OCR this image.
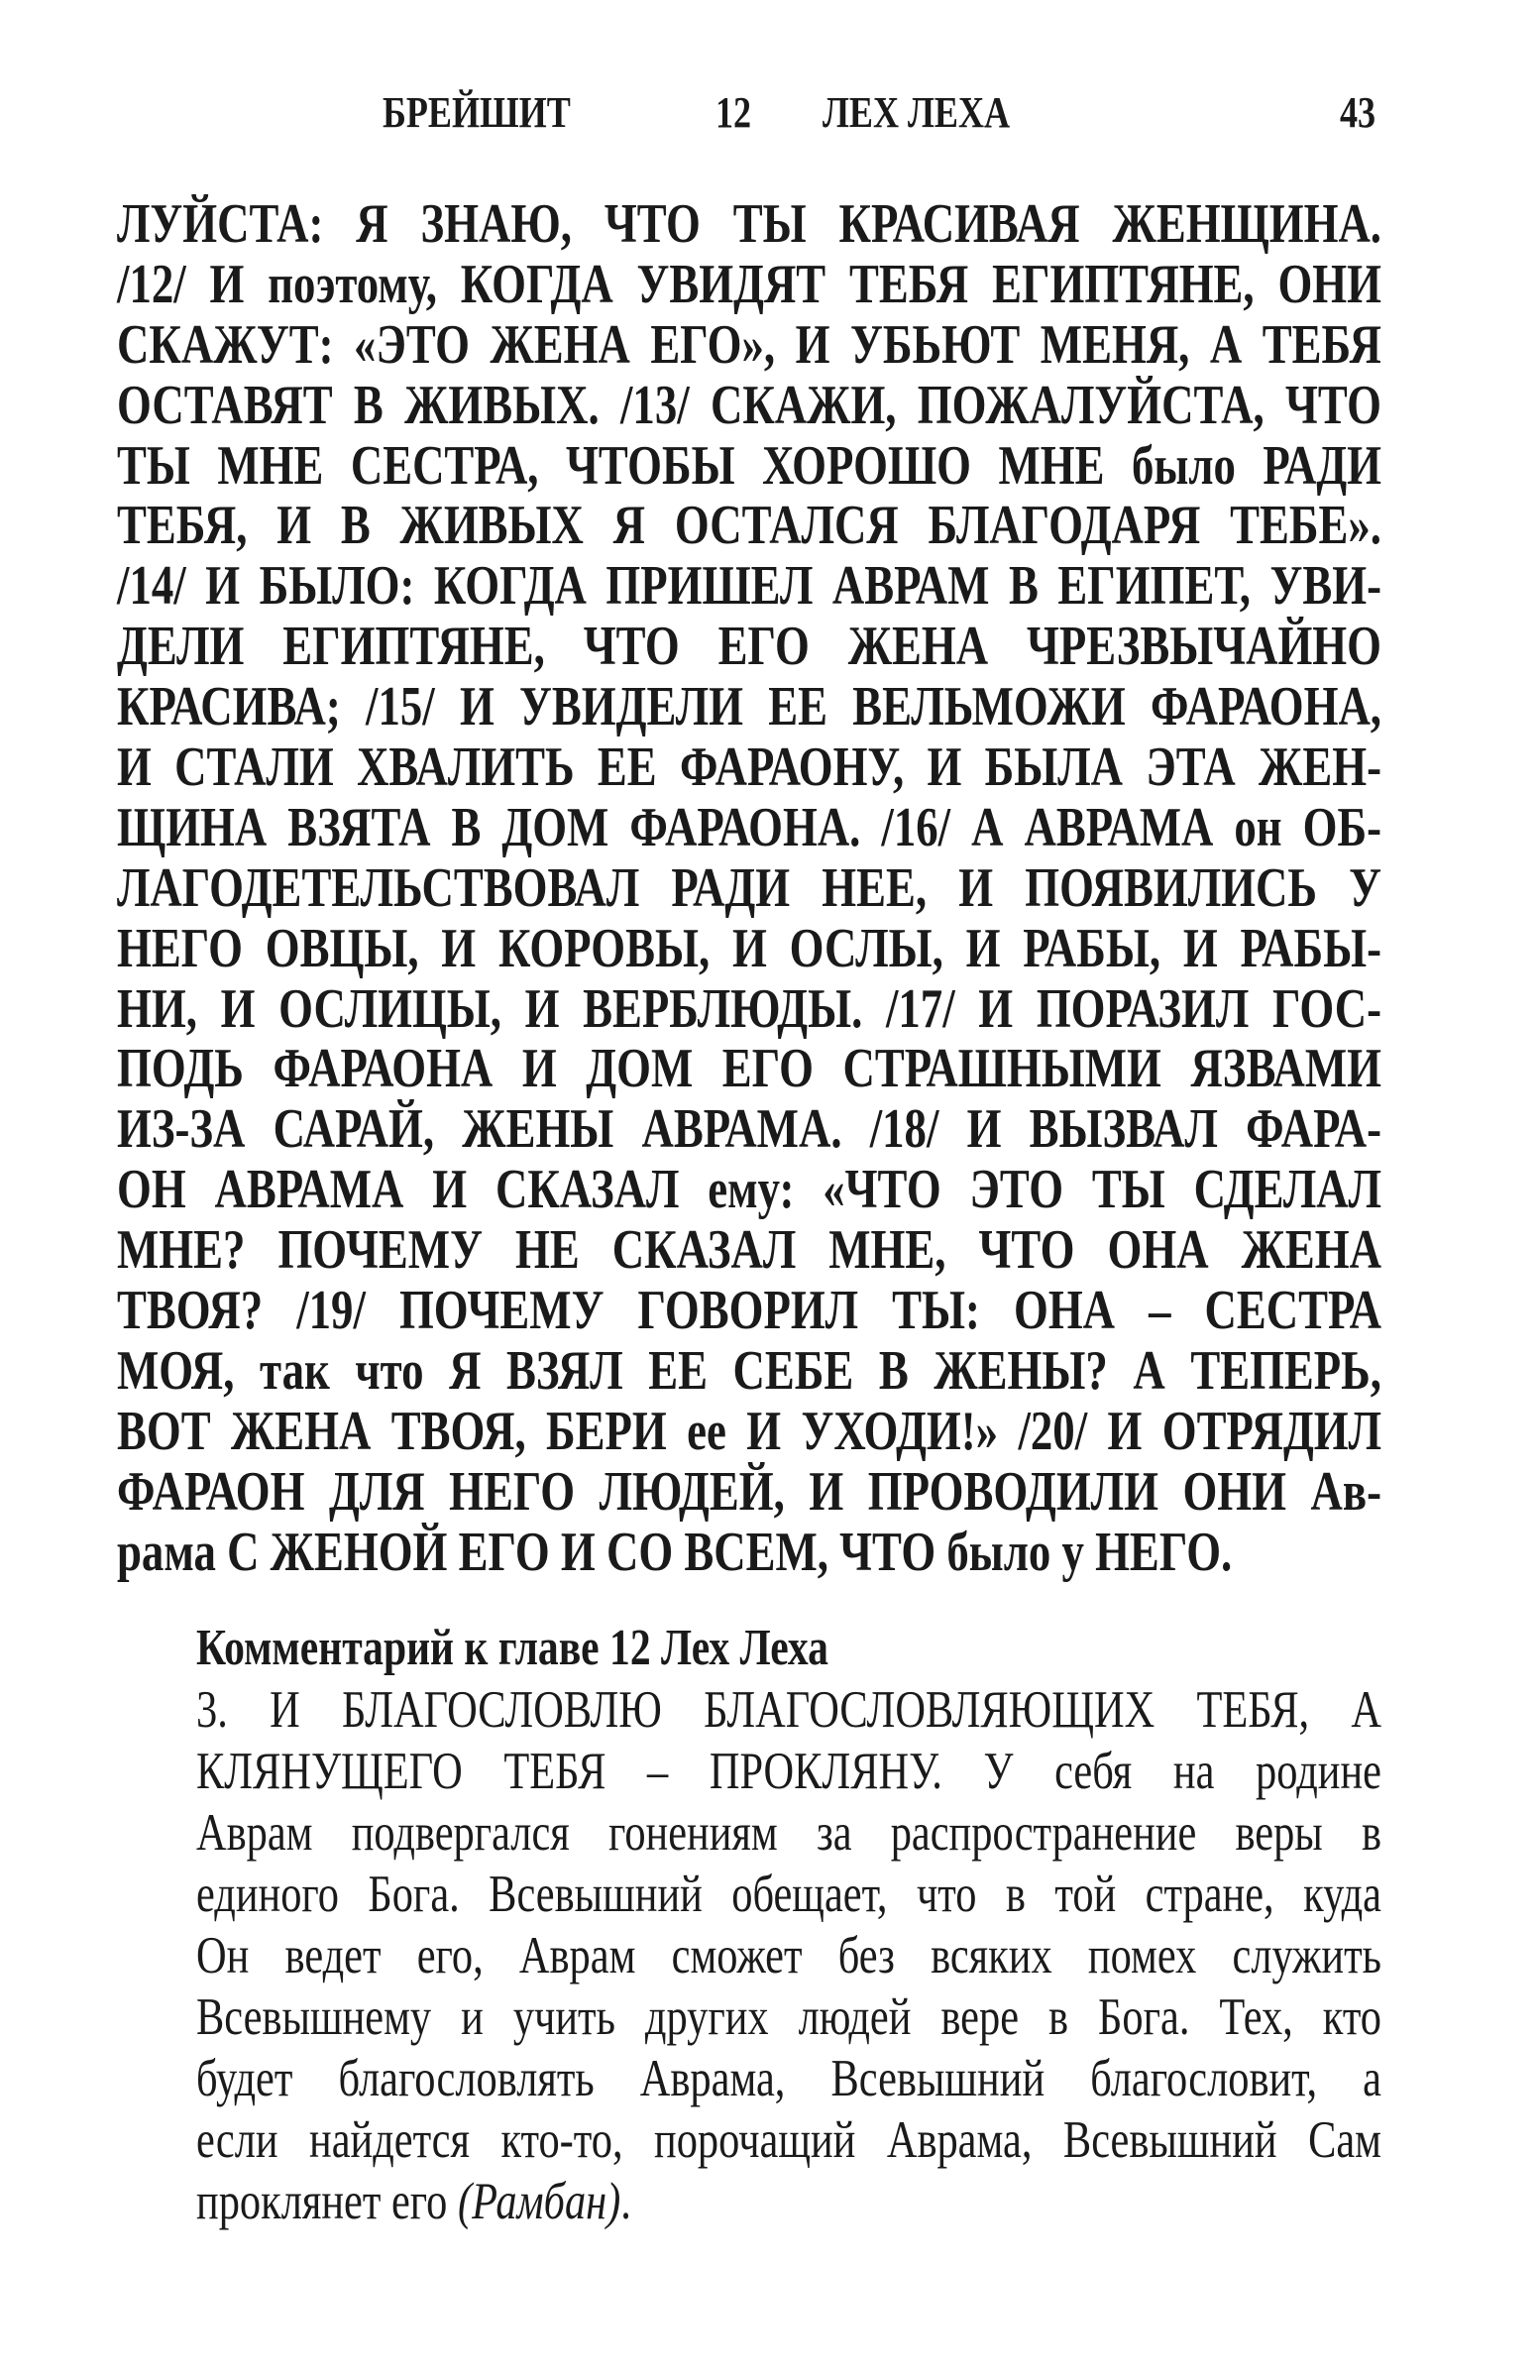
БРЕЙШИТ	12 ЛЕХ ЛЕХА	43
ЛУЙСТА: Я ЗНАЮ, ЧТО ТЫ КРАСИВАЯ ЖЕНЩИНА.
/12/ И поэтому, КОГДА УВИДЯТ ТЕБЯ ЕГИПТЯНЕ, ОНИ
СКАЖУТ: «ЭТО ЖЕНА ЕГО», И УБЬЮТ МЕНЯ, А ТЕБЯ
ОСТАВЯТ В ЖИВЫХ. /13/ СКАЖИ, ПОЖАЛУЙСТА, ЧТО
ТЫ МНЕ СЕСТРА, ЧТОБЫ ХОРОШО МНЕ было РАДИ
ТЕБЯ, И В ЖИВЫХ Я ОСТАЛСЯ БЛАГОДАРЯ ТЕБЕ».
/14/ И БЫЛО: КОГДА ПРИШЕЛ АВРАМ В ЕГИПЕТ, УВИ-
ДЕЛИ ЕГИПТЯНЕ, ЧТО ЕГО ЖЕНА ЧРЕЗВЫЧАЙНО
КРАСИВА; /15/ И УВИДЕЛИ ЕЕ ВЕЛЬМОЖИ ФАРАОНА,
И СТАЛИ ХВАЛИТЬ ЕЕ ФАРАОНУ, И БЫЛА ЭТА ЖЕН-
ЩИНА ВЗЯТА В ДОМ ФАРАОНА. /16/ А АВРАМА он ОБ-
ЛАГОДЕТЕЛЬСТВОВАЛ РАДИ НЕЕ, И ПОЯВИЛИСЬ У
НЕГО ОВЦЫ, И КОРОВЫ, И ОСЛЫ, И РАБЫ, И РАБЫ-
НИ, И ОСЛИЦЫ, И ВЕРБЛЮДЫ. /17/ И ПОРАЗИЛ ГОС-
ПОДЬ ФАРАОНА И ДОМ ЕГО СТРАШНЫМИ ЯЗВАМИ
ИЗ-ЗА САРАЙ, ЖЕНЫ АВРАМА. /18/ И ВЫЗВАЛ ФАРА-
ОН АВРАМА И СКАЗАЛ ему: «ЧТО ЭТО ТЫ СДЕЛАЛ
МНЕ? ПОЧЕМУ НЕ СКАЗАЛ МНЕ, ЧТО ОНА ЖЕНА
ТВОЯ? /19/ ПОЧЕМУ ГОВОРИЛ ТЫ: ОНА – СЕСТРА
МОЯ, так что Я ВЗЯЛ ЕЕ СЕБЕ В ЖЕНЫ? А ТЕПЕРЬ,
ВОТ ЖЕНА ТВОЯ, БЕРИ ее И УХОДИ!» /20/ И ОТРЯДИЛ
ФАРАОН ДЛЯ НЕГО ЛЮДЕЙ, И ПРОВОДИЛИ ОНИ Ав-
рама С ЖЕНОЙ ЕГО И СО ВСЕМ, ЧТО было у НЕГО.
Комментарий к главе 12 Лех Леха
3. И БЛАГОСЛОВЛЮ БЛАГОСЛОВЛЯЮЩИХ ТЕБЯ, А
КЛЯНУЩЕГО ТЕБЯ – ПРОКЛЯНУ. У себя на родине
Аврам подвергался гонениям за распространение веры в
единого Бога. Всевышний обещает, что в той стране, куда
Он ведет его, Аврам сможет без всяких помех служить
Всевышнему и учить других людей вере в Бога. Тех, кто
будет благословлять Аврама, Всевышний благословит, а
если найдется кто-то, порочащий Аврама, Всевышний Сам
проклянет его (Рамбан).
